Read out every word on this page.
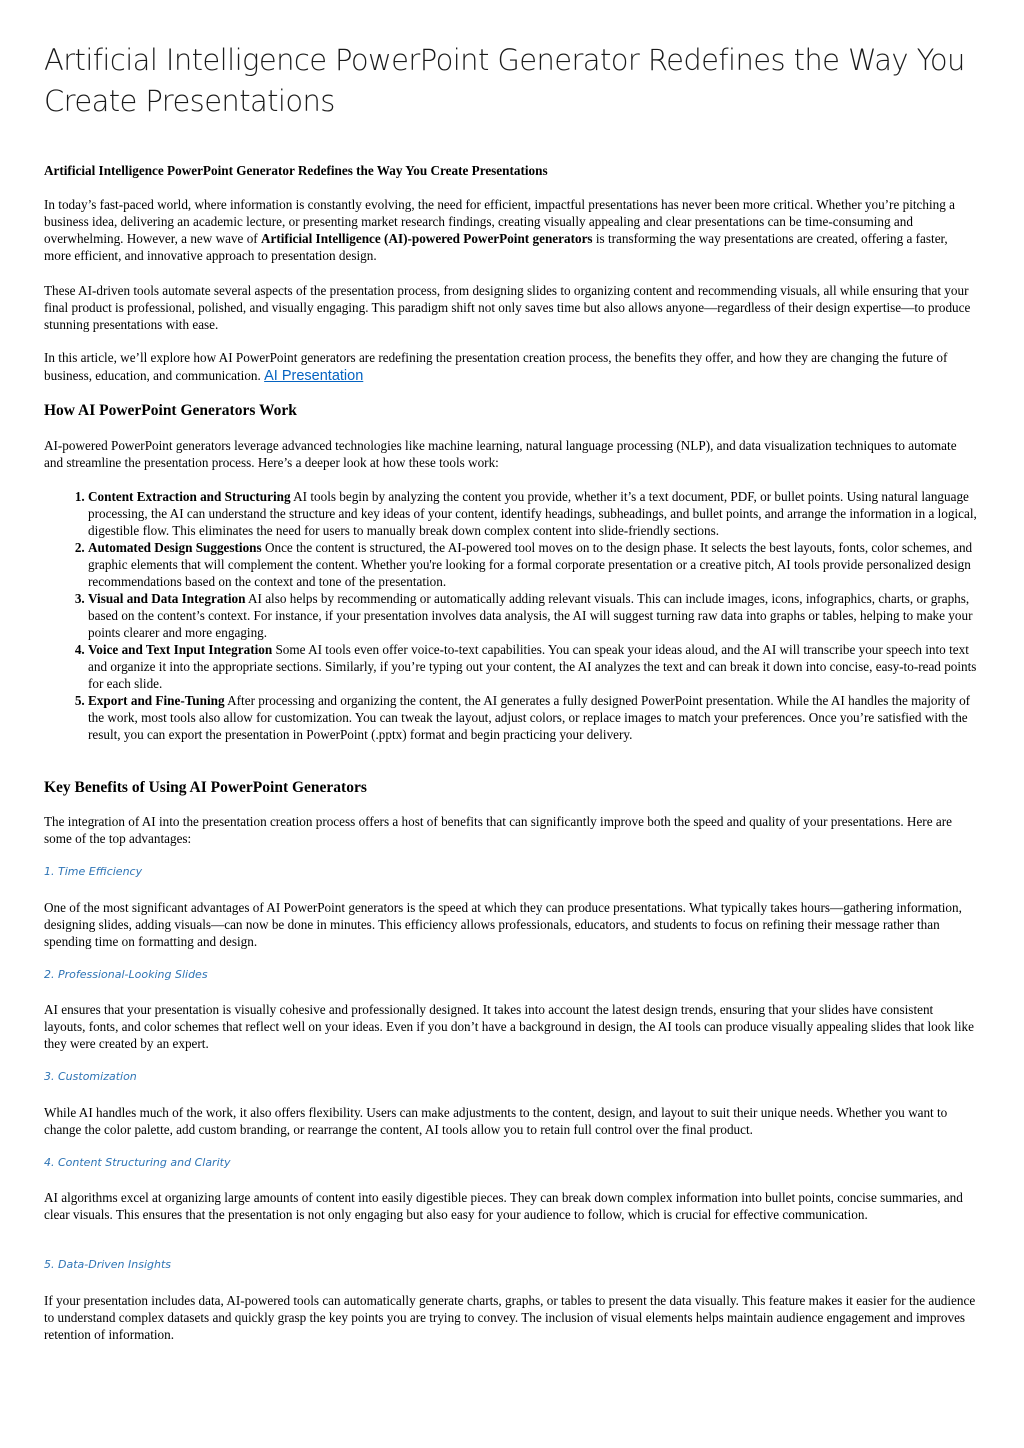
Artificial Intelligence PowerPoint Generator Redefines the Way You Create Presentations

Artificial Intelligence PowerPoint Generator Redefines the Way You Create Presentations

In today’s fast-paced world, where information is constantly evolving, the need for efficient, impactful presentations has never been more critical. Whether you’re pitching a business idea, delivering an academic lecture, or presenting market research findings, creating visually appealing and clear presentations can be time-consuming and overwhelming. However, a new wave of Artificial Intelligence (AI)-powered PowerPoint generators is transforming the way presentations are created, offering a faster, more efficient, and innovative approach to presentation design.

These AI-driven tools automate several aspects of the presentation process, from designing slides to organizing content and recommending visuals, all while ensuring that your final product is professional, polished, and visually engaging. This paradigm shift not only saves time but also allows anyone—regardless of their design expertise—to produce stunning presentations with ease.

In this article, we’ll explore how AI PowerPoint generators are redefining the presentation creation process, the benefits they offer, and how they are changing the future of business, education, and communication. AI Presentation

How AI PowerPoint Generators Work

AI-powered PowerPoint generators leverage advanced technologies like machine learning, natural language processing (NLP), and data visualization techniques to automate and streamline the presentation process. Here’s a deeper look at how these tools work:

1. Content Extraction and Structuring AI tools begin by analyzing the content you provide, whether it’s a text document, PDF, or bullet points. Using natural language processing, the AI can understand the structure and key ideas of your content, identify headings, subheadings, and bullet points, and arrange the information in a logical, digestible flow. This eliminates the need for users to manually break down complex content into slide-friendly sections.
2. Automated Design Suggestions Once the content is structured, the AI-powered tool moves on to the design phase. It selects the best layouts, fonts, color schemes, and graphic elements that will complement the content. Whether you're looking for a formal corporate presentation or a creative pitch, AI tools provide personalized design recommendations based on the context and tone of the presentation.
3. Visual and Data Integration AI also helps by recommending or automatically adding relevant visuals. This can include images, icons, infographics, charts, or graphs, based on the content’s context. For instance, if your presentation involves data analysis, the AI will suggest turning raw data into graphs or tables, helping to make your points clearer and more engaging.
4. Voice and Text Input Integration Some AI tools even offer voice-to-text capabilities. You can speak your ideas aloud, and the AI will transcribe your speech into text and organize it into the appropriate sections. Similarly, if you’re typing out your content, the AI analyzes the text and can break it down into concise, easy-to-read points for each slide.
5. Export and Fine-Tuning After processing and organizing the content, the AI generates a fully designed PowerPoint presentation. While the AI handles the majority of the work, most tools also allow for customization. You can tweak the layout, adjust colors, or replace images to match your preferences. Once you’re satisfied with the result, you can export the presentation in PowerPoint (.pptx) format and begin practicing your delivery.
Key Benefits of Using AI PowerPoint Generators

The integration of AI into the presentation creation process offers a host of benefits that can significantly improve both the speed and quality of your presentations. Here are some of the top advantages:

1. Time Efficiency

One of the most significant advantages of AI PowerPoint generators is the speed at which they can produce presentations. What typically takes hours—gathering information, designing slides, adding visuals—can now be done in minutes. This efficiency allows professionals, educators, and students to focus on refining their message rather than spending time on formatting and design.

2. Professional-Looking Slides

AI ensures that your presentation is visually cohesive and professionally designed. It takes into account the latest design trends, ensuring that your slides have consistent layouts, fonts, and color schemes that reflect well on your ideas. Even if you don’t have a background in design, the AI tools can produce visually appealing slides that look like they were created by an expert.

3. Customization

While AI handles much of the work, it also offers flexibility. Users can make adjustments to the content, design, and layout to suit their unique needs. Whether you want to change the color palette, add custom branding, or rearrange the content, AI tools allow you to retain full control over the final product.

4. Content Structuring and Clarity

AI algorithms excel at organizing large amounts of content into easily digestible pieces. They can break down complex information into bullet points, concise summaries, and clear visuals. This ensures that the presentation is not only engaging but also easy for your audience to follow, which is crucial for effective communication.

5. Data-Driven Insights

If your presentation includes data, AI-powered tools can automatically generate charts, graphs, or tables to present the data visually. This feature makes it easier for the audience to understand complex datasets and quickly grasp the key points you are trying to convey. The inclusion of visual elements helps maintain audience engagement and improves retention of information.
